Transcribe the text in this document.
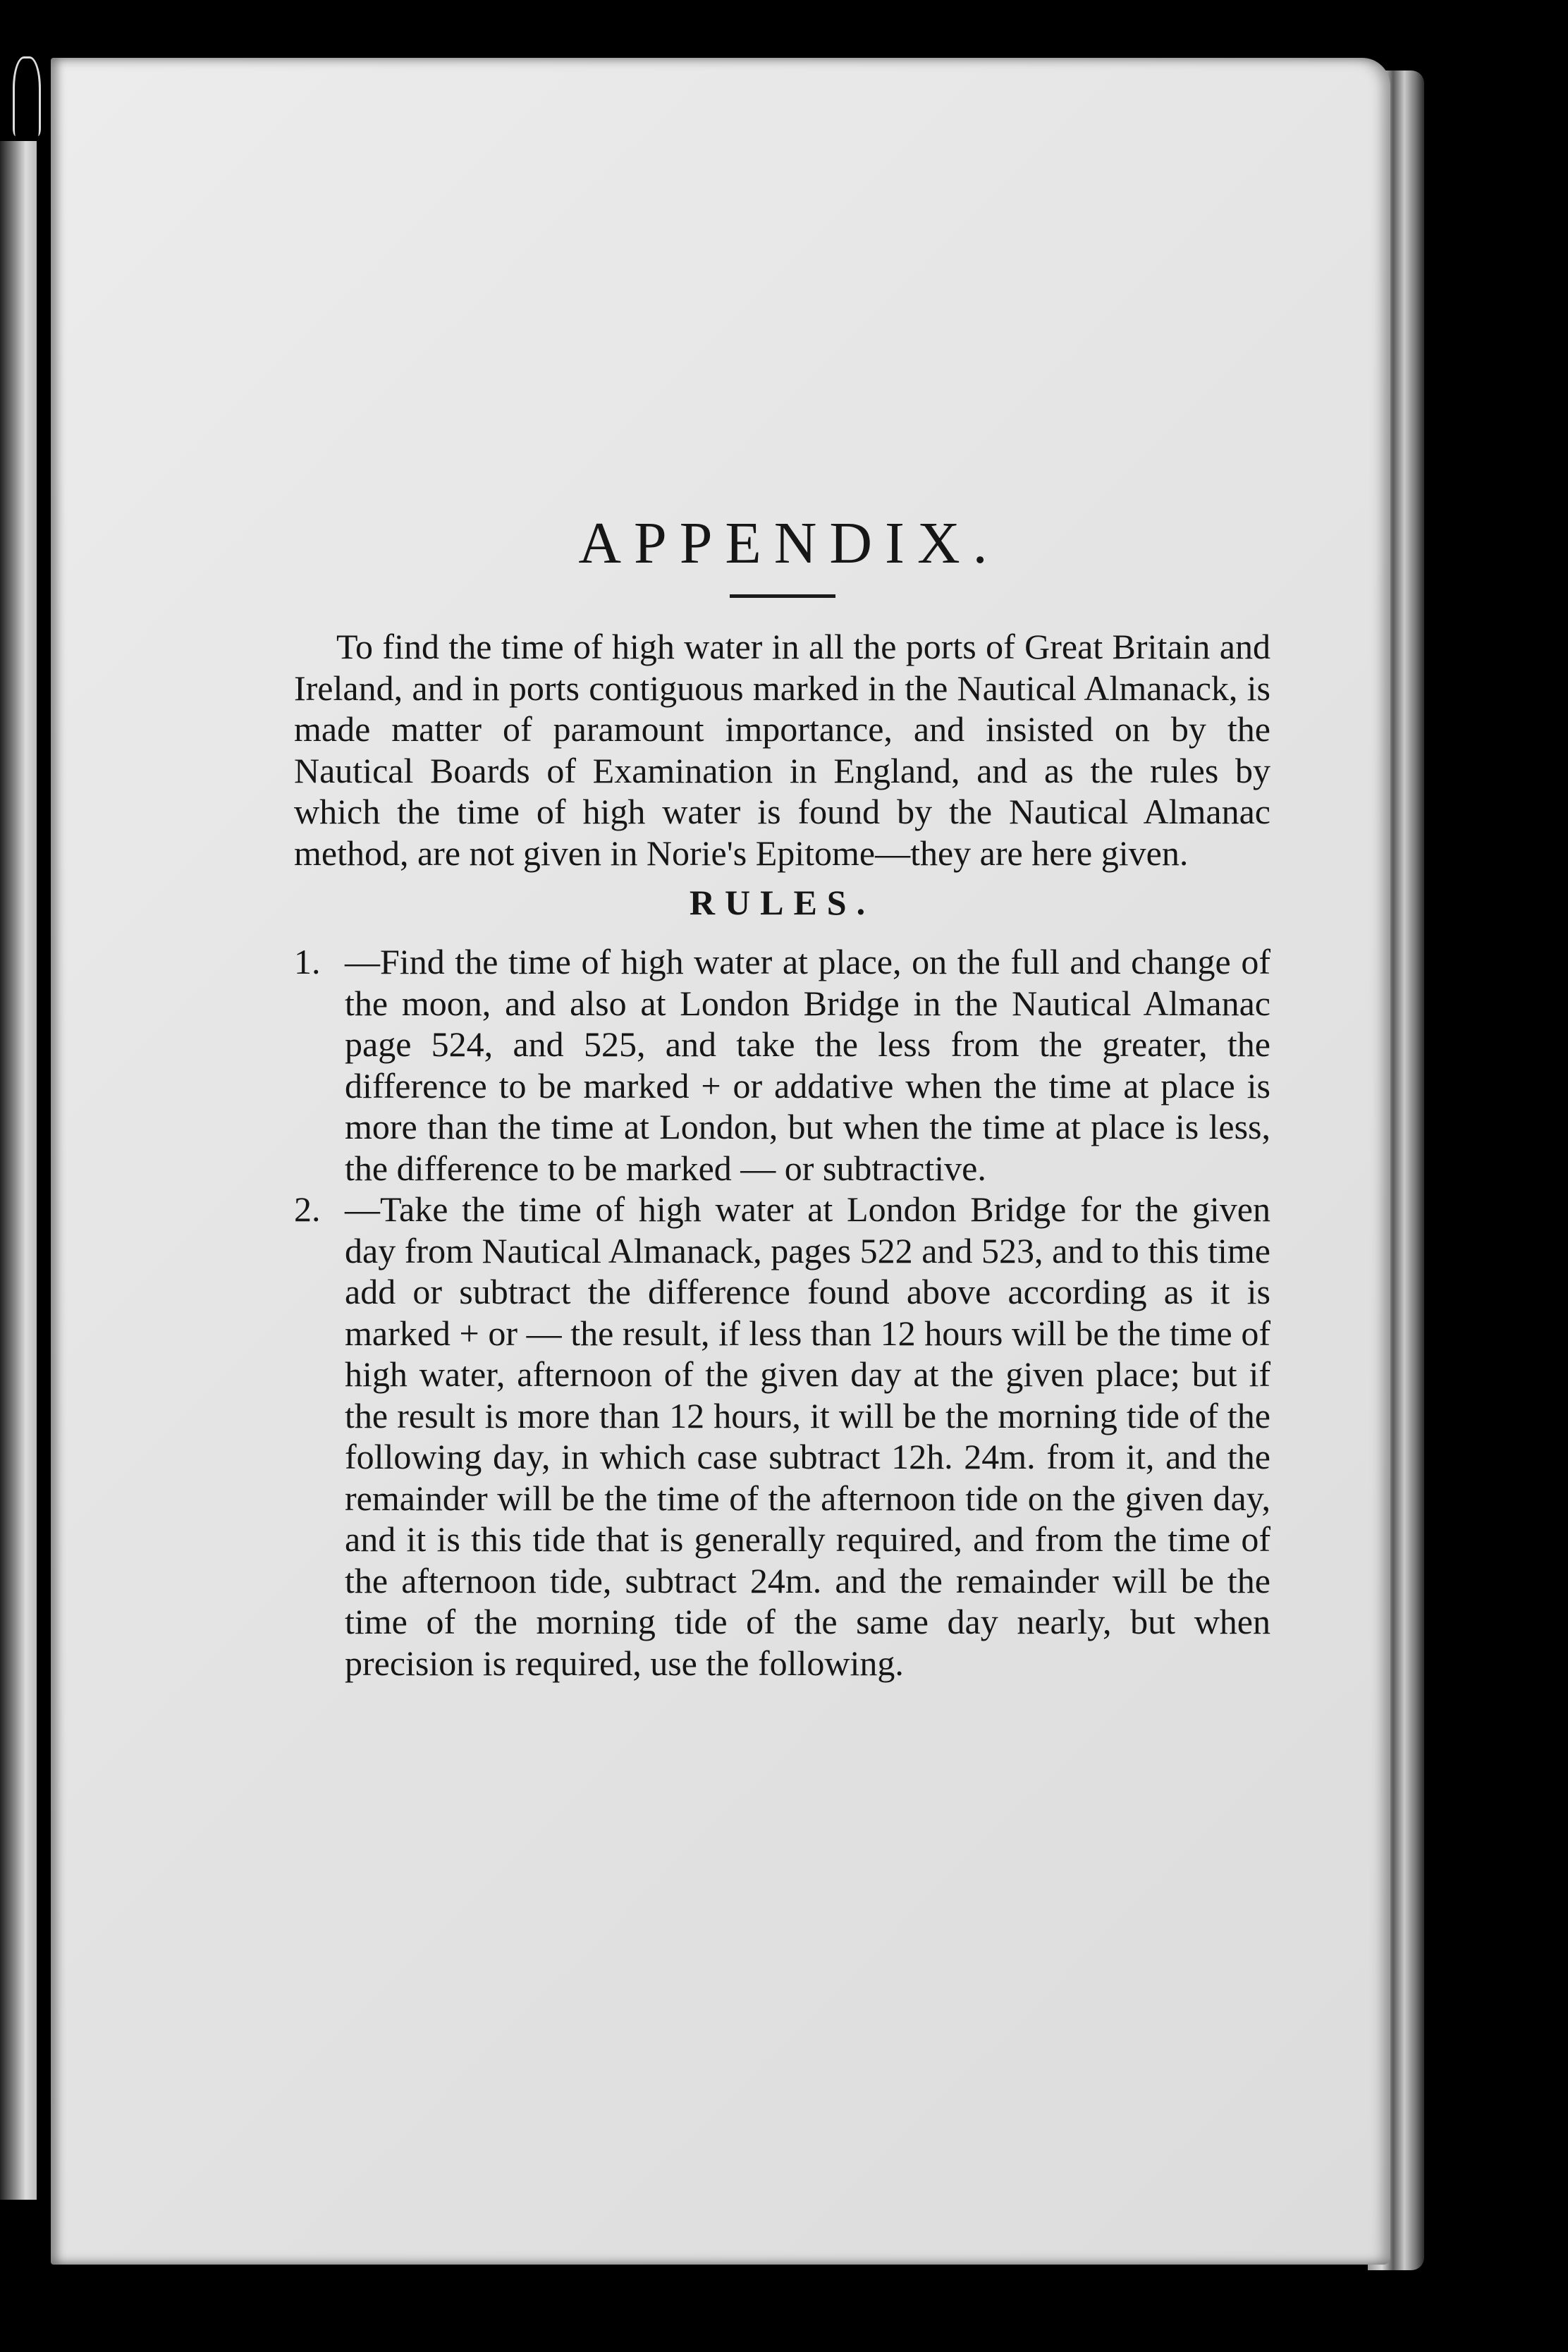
APPENDIX.

To find the time of high water in all the ports of Great Britain and Ireland, and in ports contiguous marked in the Nautical Almanack, is made matter of paramount importance, and insisted on by the Nautical Boards of Examination in England, and as the rules by which the time of high water is found by the Nautical Almanac method, are not given in Norie's Epitome—they are here given.

RULES.
1. —Find the time of high water at place, on the full and change of the moon, and also at London Bridge in the Nautical Almanac page 524, and 525, and take the less from the greater, the difference to be marked + or addative when the time at place is more than the time at London, but when the time at place is less, the difference to be marked — or subtractive.
2. —Take the time of high water at London Bridge for the given day from Nautical Almanack, pages 522 and 523, and to this time add or subtract the difference found above according as it is marked + or — the result, if less than 12 hours will be the time of high water, afternoon of the given day at the given place; but if the result is more than 12 hours, it will be the morning tide of the following day, in which case subtract 12h. 24m. from it, and the remainder will be the time of the afternoon tide on the given day, and it is this tide that is generally required, and from the time of the afternoon tide, subtract 24m. and the remainder will be the time of the morning tide of the same day nearly, but when precision is required, use the following.
